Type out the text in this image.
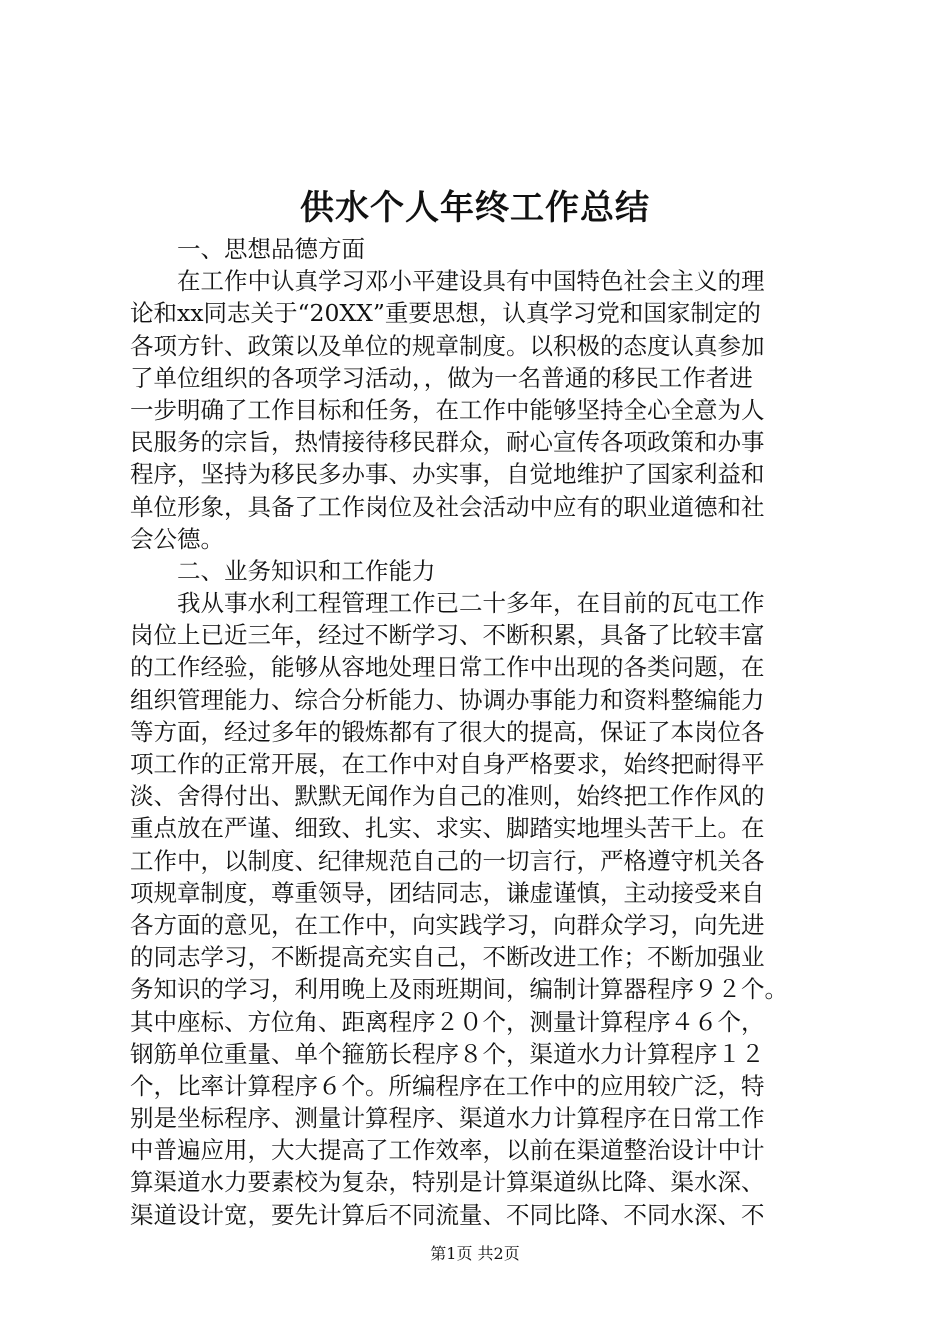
供水个人年终工作总结
一、思想品德方面
在工作中认真学习邓小平建设具有中国特色社会主义的理
论和xx同志关于“20XX”重要思想，认真学习党和国家制定的
各项方针、政策以及单位的规章制度。以积极的态度认真参加
了单位组织的各项学习活动，，做为一名普通的移民工作者进
一步明确了工作目标和任务，在工作中能够坚持全心全意为人
民服务的宗旨，热情接待移民群众，耐心宣传各项政策和办事
程序，坚持为移民多办事、办实事，自觉地维护了国家利益和
单位形象，具备了工作岗位及社会活动中应有的职业道德和社
会公德。
二、业务知识和工作能力
我从事水利工程管理工作已二十多年，在目前的瓦屯工作
岗位上已近三年，经过不断学习、不断积累，具备了比较丰富
的工作经验，能够从容地处理日常工作中出现的各类问题，在
组织管理能力、综合分析能力、协调办事能力和资料整编能力
等方面，经过多年的锻炼都有了很大的提高，保证了本岗位各
项工作的正常开展，在工作中对自身严格要求，始终把耐得平
淡、舍得付出、默默无闻作为自己的准则，始终把工作作风的
重点放在严谨、细致、扎实、求实、脚踏实地埋头苦干上。在
工作中，以制度、纪律规范自己的一切言行，严格遵守机关各
项规章制度，尊重领导，团结同志，谦虚谨慎，主动接受来自
各方面的意见，在工作中，向实践学习，向群众学习，向先进
的同志学习，不断提高充实自己，不断改进工作；不断加强业
务知识的学习，利用晚上及雨班期间，编制计算器程序９２个。
其中座标、方位角、距离程序２０个，测量计算程序４６个，
钢筋单位重量、单个箍筋长程序８个，渠道水力计算程序１２
个，比率计算程序６个。所编程序在工作中的应用较广泛，特
别是坐标程序、测量计算程序、渠道水力计算程序在日常工作
中普遍应用，大大提高了工作效率，以前在渠道整治设计中计
算渠道水力要素校为复杂，特别是计算渠道纵比降、渠水深、
渠道设计宽，要先计算后不同流量、不同比降、不同水深、不
第1页 共2页
